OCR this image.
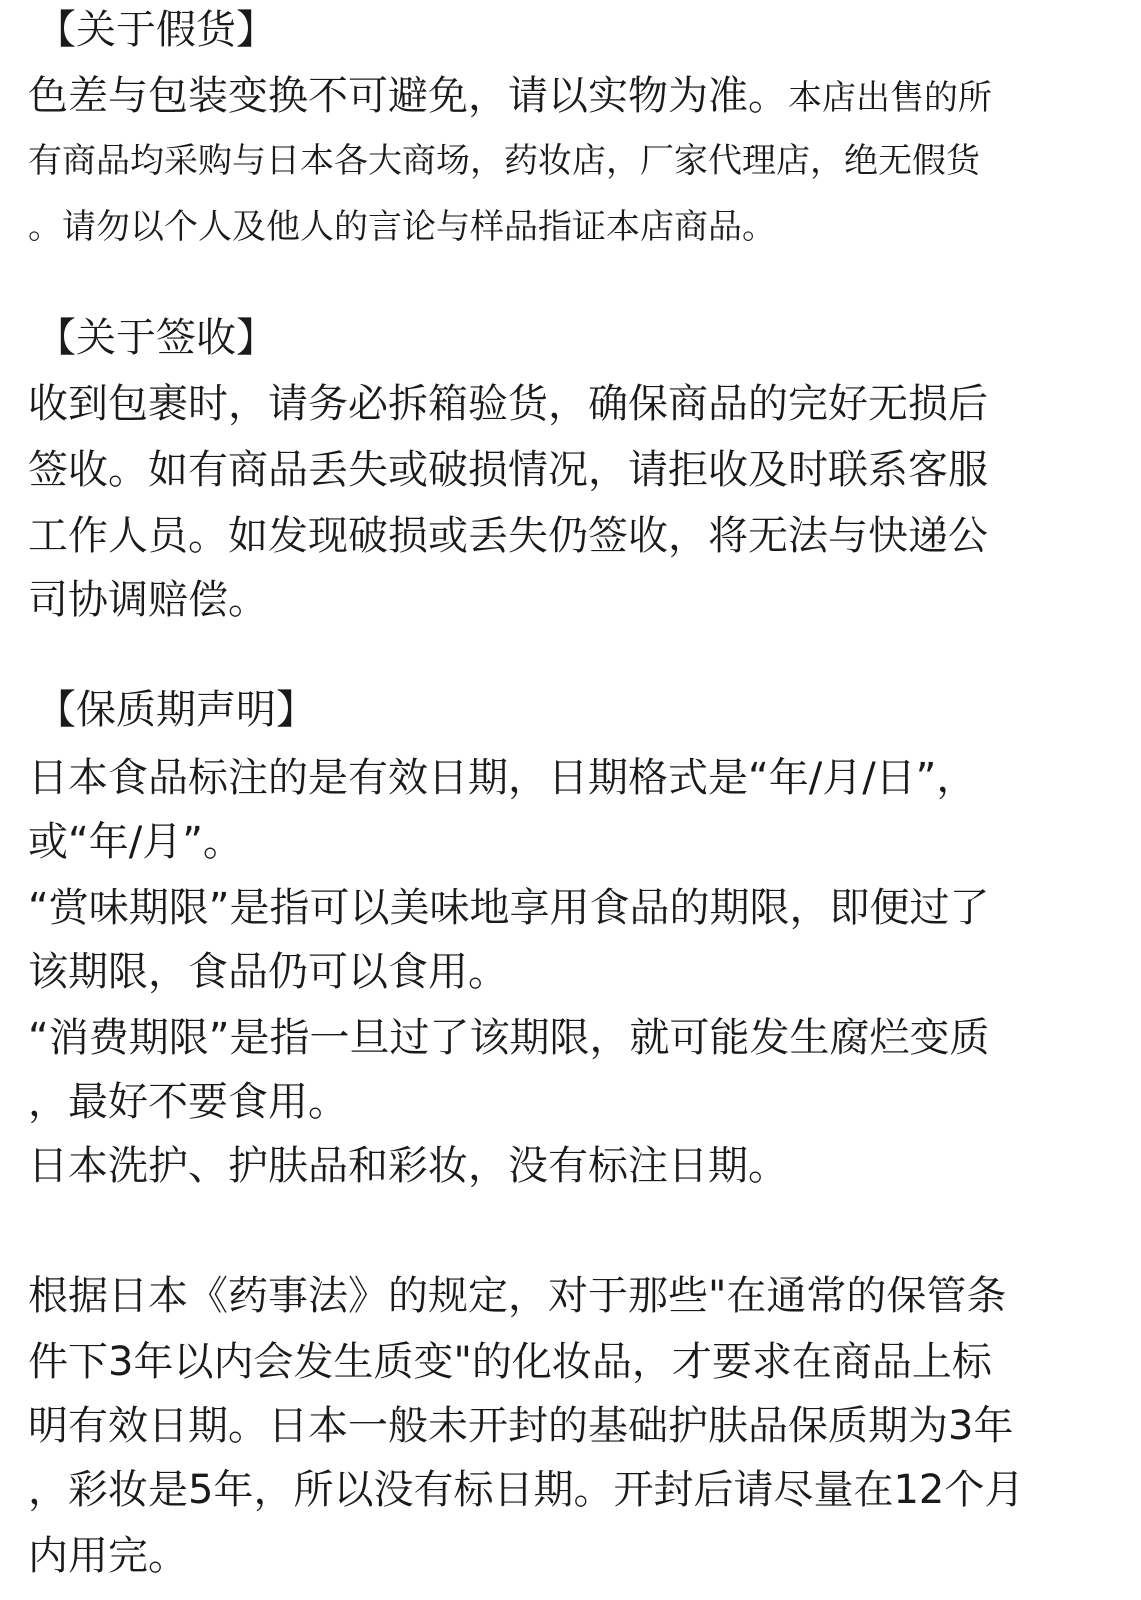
【关于假货】
色差与包装变换不可避免，请以实物为准。本店出售的所
有商品均采购与日本各大商场，药妆店，厂家代理店，绝无假货
。请勿以个人及他人的言论与样品指证本店商品。
【关于签收】
收到包裹时，请务必拆箱验货，确保商品的完好无损后
签收。如有商品丢失或破损情况，请拒收及时联系客服
工作人员。如发现破损或丢失仍签收，将无法与快递公
司协调赔偿。
【保质期声明】
日本食品标注的是有效日期，日期格式是“年/月/日”，
或“年/月”。
“赏味期限”是指可以美味地享用食品的期限，即便过了
该期限，食品仍可以食用。
“消费期限”是指一旦过了该期限，就可能发生腐烂变质
，最好不要食用。
日本洗护、护肤品和彩妆，没有标注日期。
根据日本《药事法》的规定，对于那些"在通常的保管条
件下3年以内会发生质变"的化妆品，才要求在商品上标
明有效日期。日本一般未开封的基础护肤品保质期为3年
，彩妆是5年，所以没有标日期。开封后请尽量在12个月
内用完。
